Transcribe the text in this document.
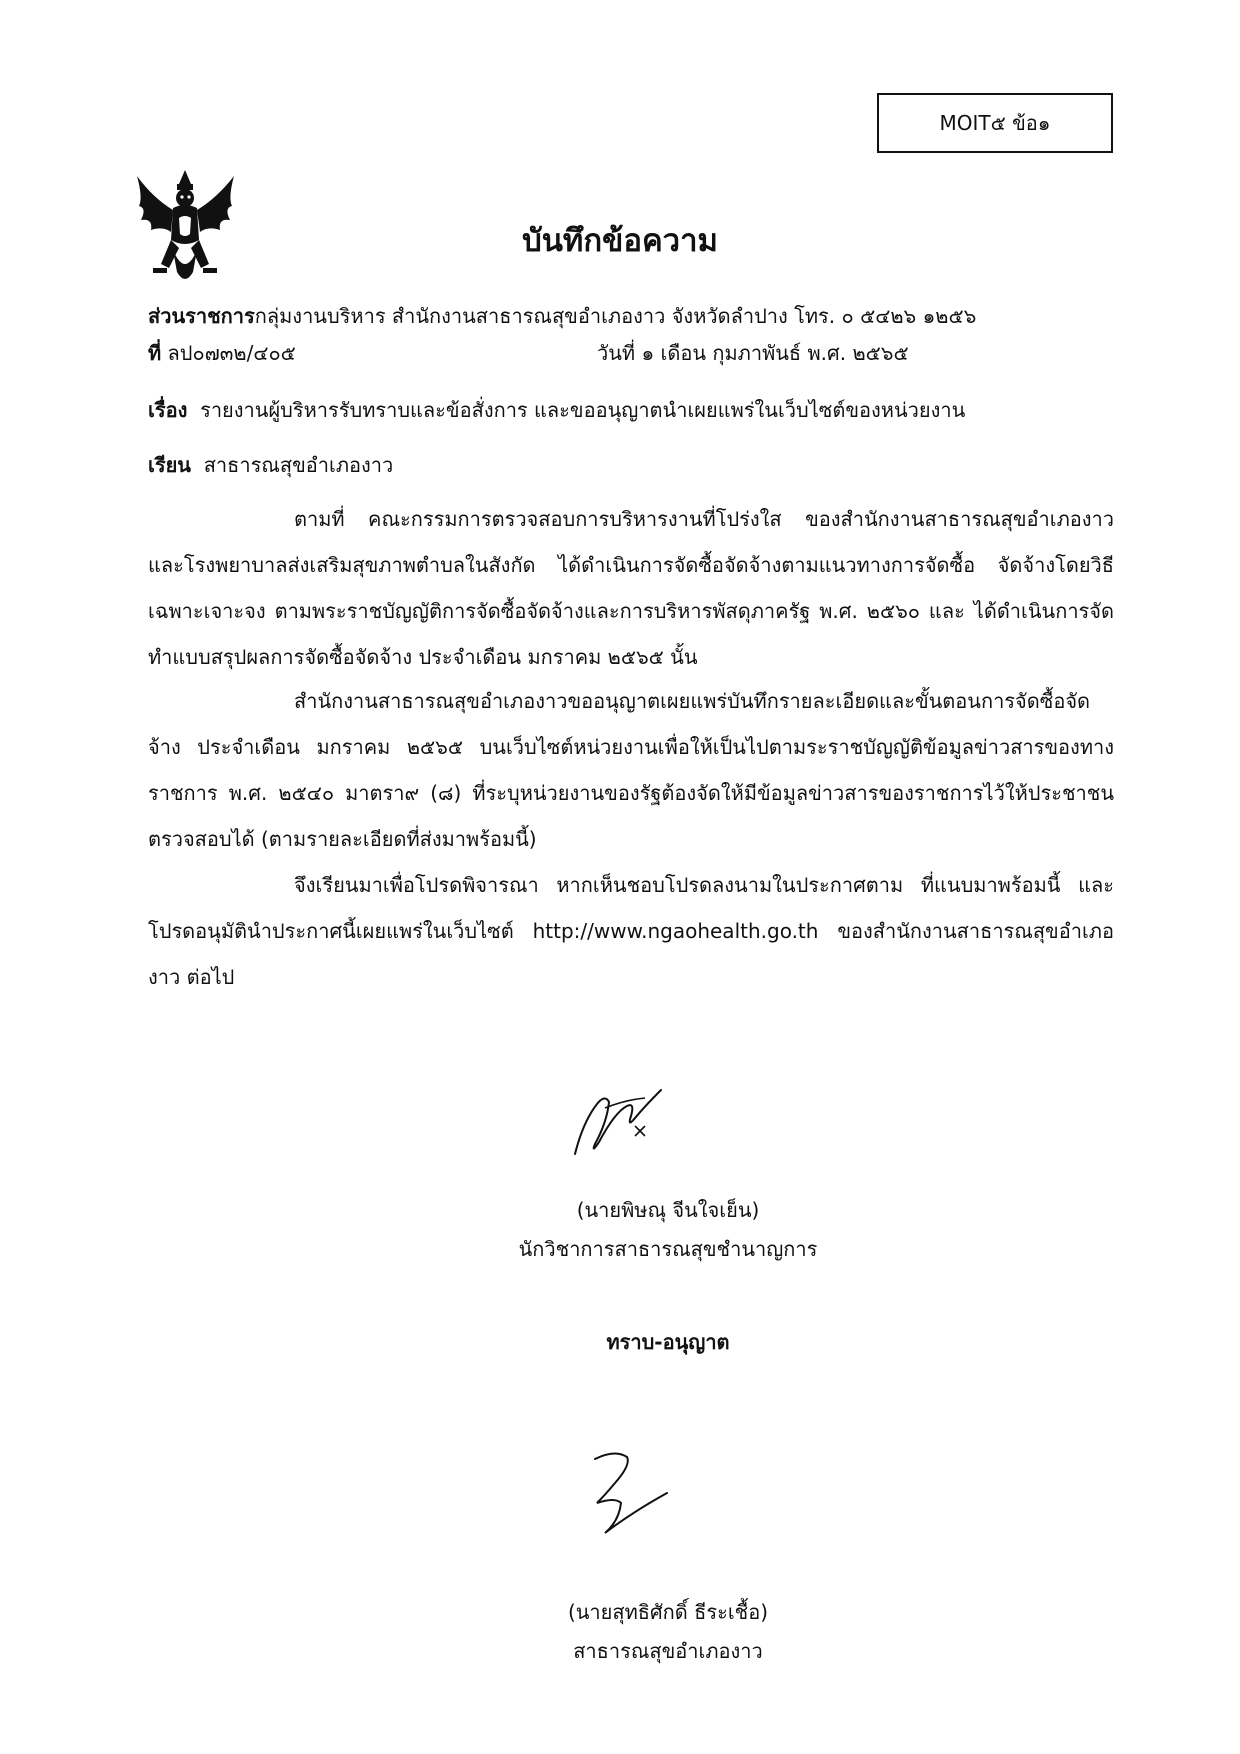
MOIT๕ ข้อ๑
บันทึกข้อความ
ส่วนราชการกลุ่มงานบริหาร สำนักงานสาธารณสุขอำเภองาว จังหวัดลำปาง โทร. ๐ ๕๔๒๖ ๑๒๕๖
ที่ ลป๐๗๓๒/๔๐๕	วันที่ ๑ เดือน กุมภาพันธ์ พ.ศ. ๒๕๖๕
เรื่อง รายงานผู้บริหารรับทราบและข้อสั่งการ และขออนุญาตนำเผยแพร่ในเว็บไซต์ของหน่วยงาน
เรียน สาธารณสุขอำเภองาว
ตามที่ คณะกรรมการตรวจสอบการบริหารงานที่โปร่งใส ของสำนักงานสาธารณสุขอำเภองาว และโรงพยาบาลส่งเสริมสุขภาพตำบลในสังกัด ได้ดำเนินการจัดซื้อจัดจ้างตามแนวทางการจัดซื้อ จัดจ้างโดยวิธีเฉพาะเจาะจง ตามพระราชบัญญัติการจัดซื้อจัดจ้างและการบริหารพัสดุภาครัฐ พ.ศ. ๒๕๖๐ และ ได้ดำเนินการจัดทำแบบสรุปผลการจัดซื้อจัดจ้าง ประจำเดือน มกราคม ๒๕๖๕ นั้น
สำนักงานสาธารณสุขอำเภองาวขออนุญาตเผยแพร่บันทึกรายละเอียดและขั้นตอนการจัดซื้อจัดจ้าง ประจำเดือน มกราคม ๒๕๖๕ บนเว็บไซต์หน่วยงานเพื่อให้เป็นไปตามระราชบัญญัติข้อมูลข่าวสารของทางราชการ พ.ศ. ๒๕๔๐ มาตรา๙ (๘) ที่ระบุหน่วยงานของรัฐต้องจัดให้มีข้อมูลข่าวสารของราชการไว้ให้ประชาชนตรวจสอบได้ (ตามรายละเอียดที่ส่งมาพร้อมนี้)
จึงเรียนมาเพื่อโปรดพิจารณา หากเห็นชอบโปรดลงนามในประกาศตาม ที่แนบมาพร้อมนี้ และโปรดอนุมัตินำประกาศนี้เผยแพร่ในเว็บไซต์ http://www.ngaohealth.go.th ของสำนักงานสาธารณสุขอำเภองาว ต่อไป
(นายพิษณุ จีนใจเย็น)
นักวิชาการสาธารณสุขชำนาญการ
ทราบ-อนุญาต
(นายสุทธิศักดิ์ ธีระเชื้อ)
สาธารณสุขอำเภองาว
